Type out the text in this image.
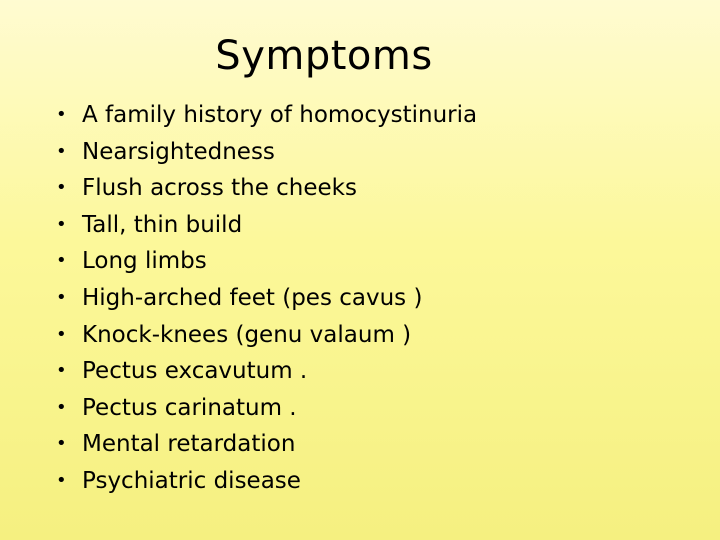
Symptoms
• A family history of homocystinuria
• Nearsightedness
• Flush across the cheeks
• Tall, thin build
• Long limbs
• High-arched feet (pes cavus )
• Knock-knees (genu valaum )
• Pectus excavutum .
• Pectus carinatum .
• Mental retardation
• Psychiatric disease
